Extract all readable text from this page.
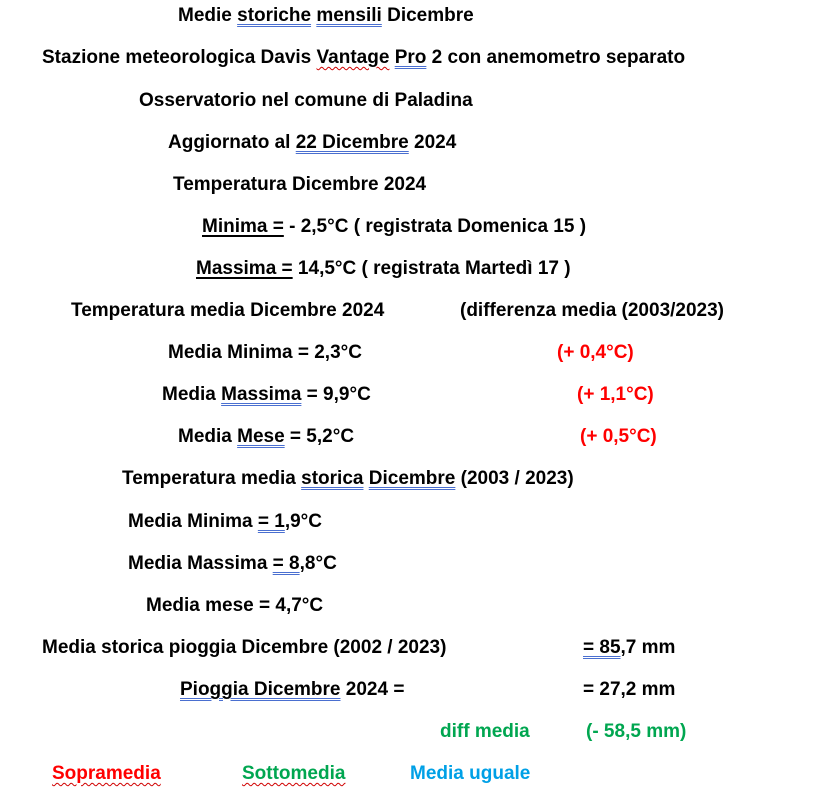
Medie storiche mensili Dicembre
Stazione meteorologica Davis Vantage Pro 2 con anemometro separato
Osservatorio nel comune di Paladina
Aggiornato al 22 Dicembre 2024
Temperatura Dicembre 2024
Minima = - 2,5°C ( registrata Domenica 15 )
Massima = 14,5°C ( registrata Martedì 17 )
Temperatura media Dicembre 2024	(differenza media (2003/2023)
Media Minima = 2,3°C	(+ 0,4°C)
Media Massima = 9,9°C	(+ 1,1°C)
Media Mese = 5,2°C	(+ 0,5°C)
Temperatura media storica Dicembre (2003 / 2023)
Media Minima = 1,9°C
Media Massima = 8,8°C
Media mese = 4,7°C
Media storica pioggia Dicembre (2002 / 2023)	= 85,7 mm
Pioggia Dicembre 2024 =	= 27,2 mm
diff media	(- 58,5 mm)
Sopramedia	Sottomedia	Media uguale
